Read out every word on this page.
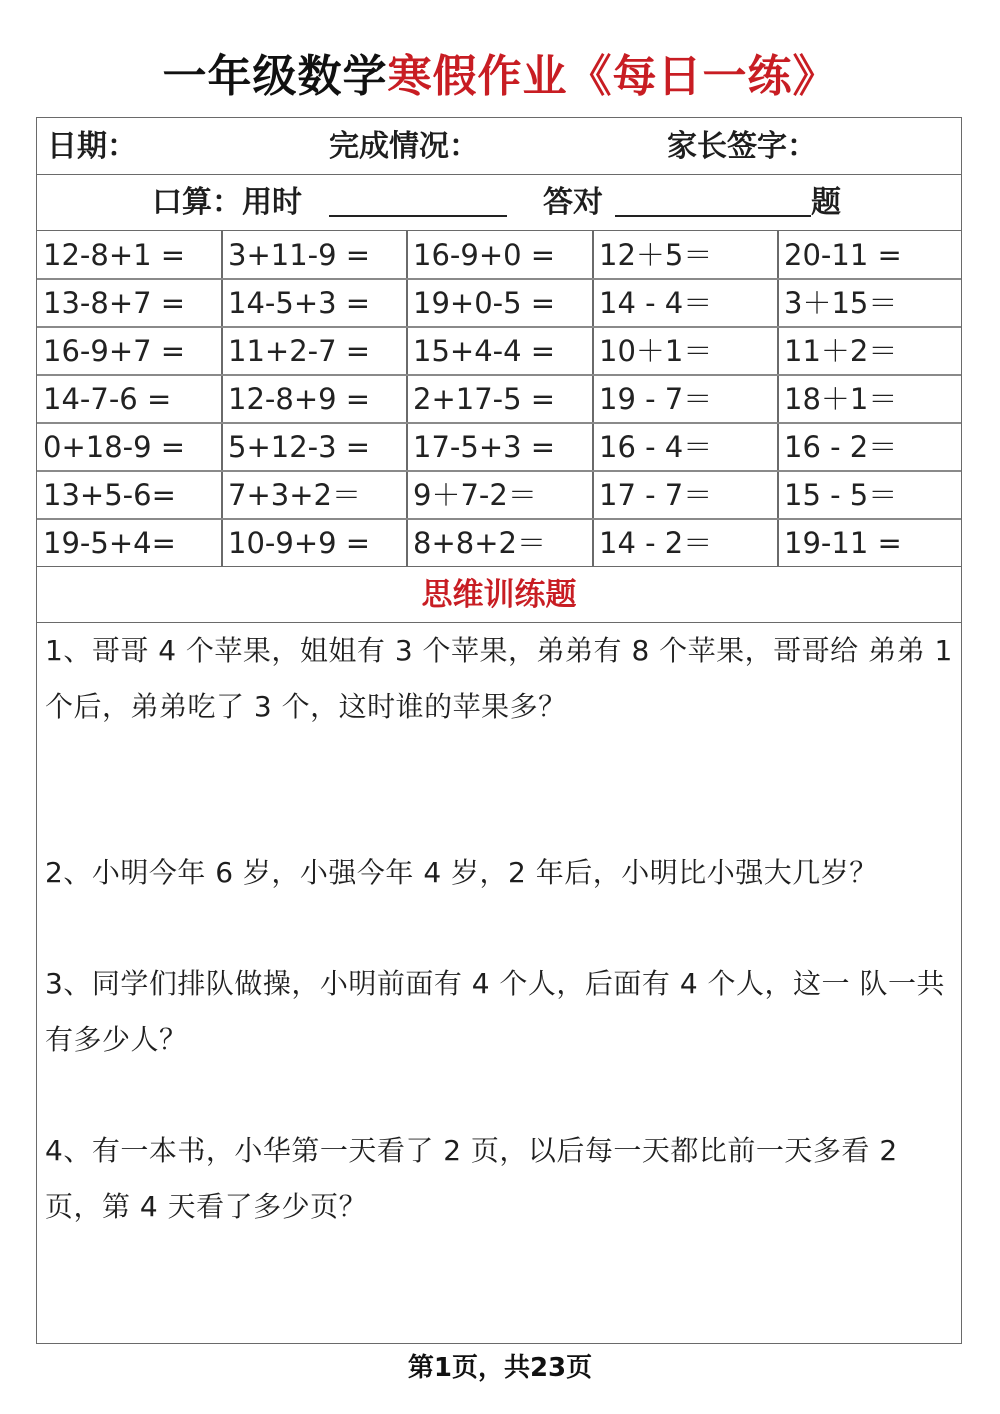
一年级数学寒假作业《每日一练》
日期：	完成情况：	家长签字：
口算：用时	答对	题
12-8+1 =	3+11-9 =	16-9+0 =	12＋5＝	20-11 =
13-8+7 =	14-5+3 =	19+0-5 =	14 - 4＝	3＋15＝
16-9+7 =	11+2-7 =	15+4-4 =	10＋1＝	11＋2＝
14-7-6 =	12-8+9 =	2+17-5 =	19 - 7＝	18＋1＝
0+18-9 =	5+12-3 =	17-5+3 =	16 - 4＝	16 - 2＝
13+5-6=	7+3+2＝	9＋7-2＝	17 - 7＝	15 - 5＝
19-5+4=	10-9+9 =	8+8+2＝	14 - 2＝	19-11 =
思维训练题
1、哥哥 4 个苹果，姐姐有 3 个苹果，弟弟有 8 个苹果，哥哥给 弟弟 1 个后，弟弟吃了 3 个，这时谁的苹果多？
2、小明今年 6 岁，小强今年 4 岁，2 年后，小明比小强大几岁？
3、同学们排队做操，小明前面有 4 个人，后面有 4 个人，这一 队一共有多少人？
4、有一本书，小华第一天看了 2 页，以后每一天都比前一天多看 2 页，第 4 天看了多少页？
第1页，共23页
